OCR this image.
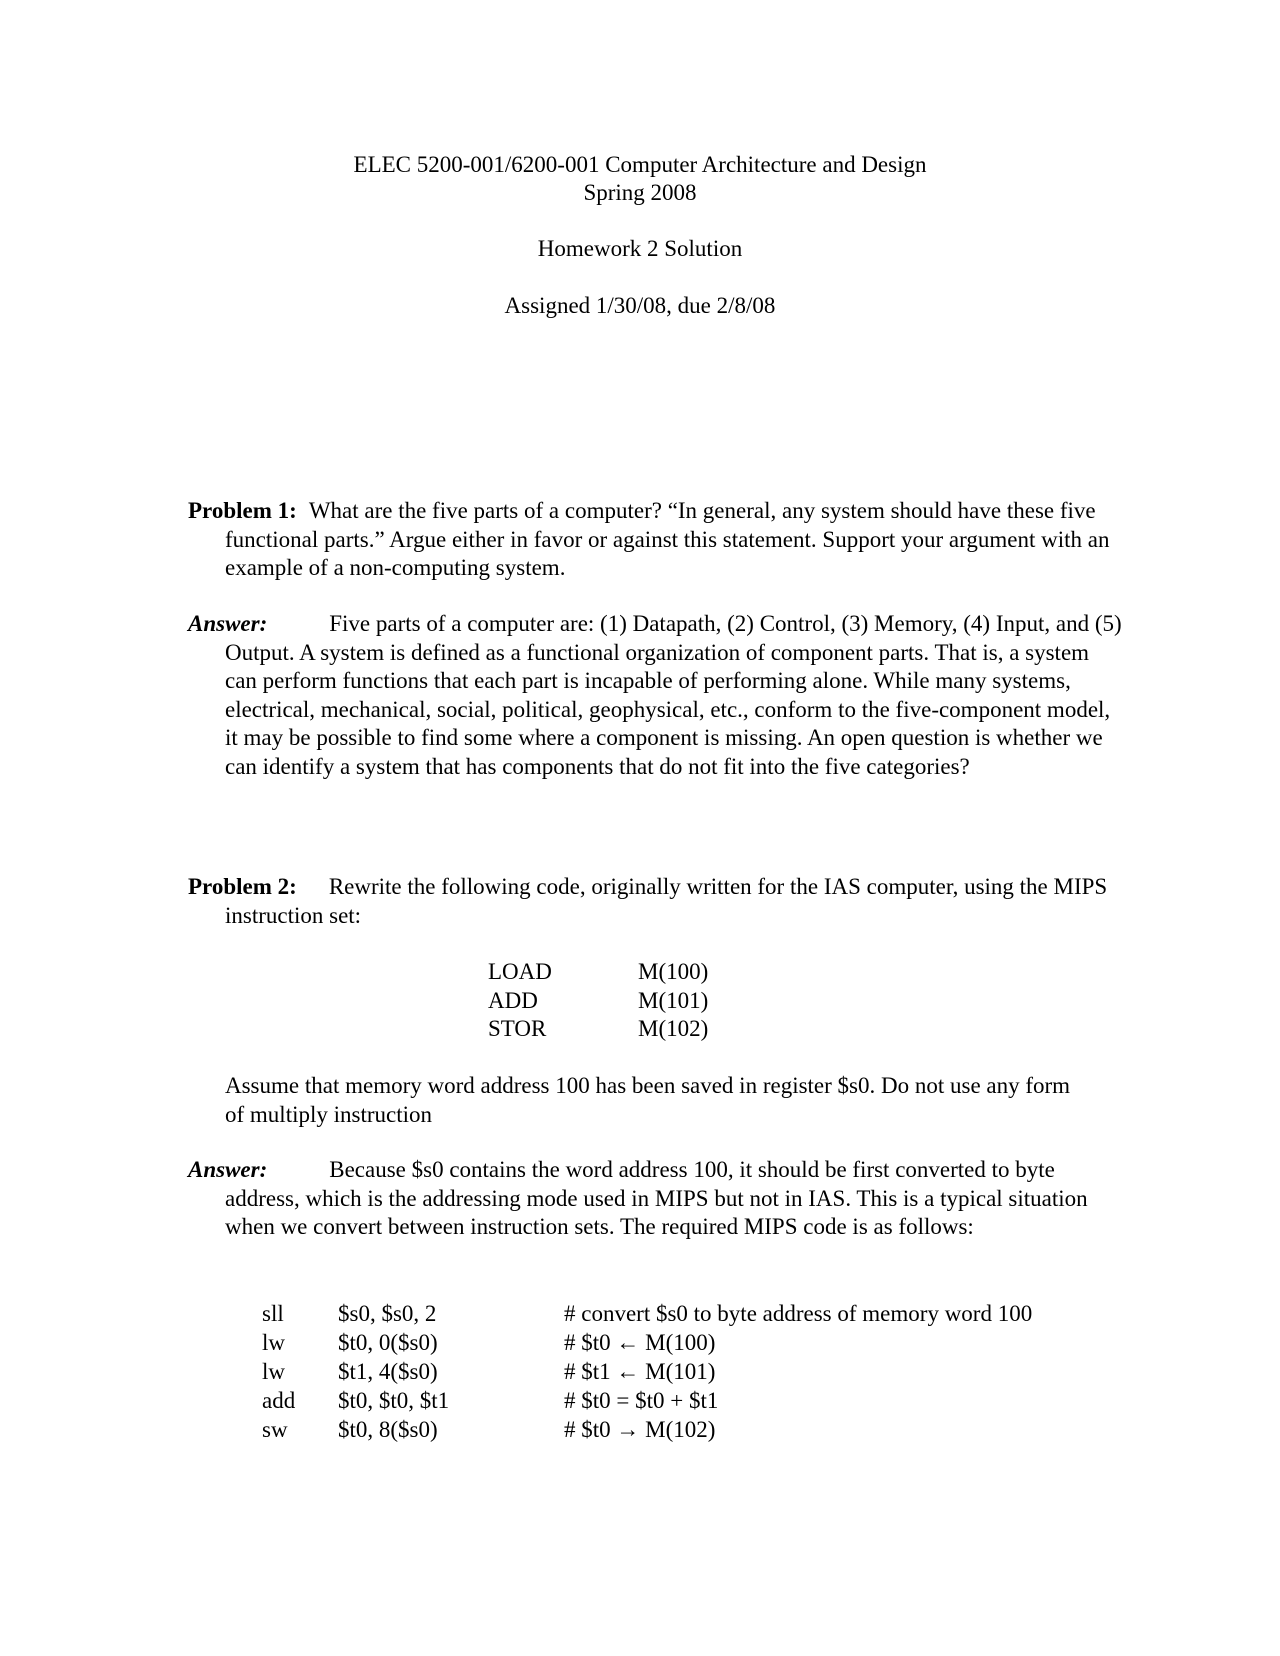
ELEC 5200-001/6200-001 Computer Architecture and Design
Spring 2008
Homework 2 Solution
Assigned 1/30/08, due 2/8/08
Problem 1: What are the five parts of a computer? “In general, any system should have these five functional parts.” Argue either in favor or against this statement. Support your argument with an example of a non-computing system.
Answer:	Five parts of a computer are: (1) Datapath, (2) Control, (3) Memory, (4) Input, and (5) Output. A system is defined as a functional organization of component parts. That is, a system can perform functions that each part is incapable of performing alone. While many systems, electrical, mechanical, social, political, geophysical, etc., conform to the five-component model, it may be possible to find some where a component is missing. An open question is whether we can identify a system that has components that do not fit into the five categories?
Problem 2: Rewrite the following code, originally written for the IAS computer, using the MIPS instruction set:
LOAD	M(100)
ADD	M(101)
STOR	M(102)
Assume that memory word address 100 has been saved in register $s0. Do not use any form of multiply instruction
Answer:	Because $s0 contains the word address 100, it should be first converted to byte address, which is the addressing mode used in MIPS but not in IAS. This is a typical situation when we convert between instruction sets. The required MIPS code is as follows:
sll	$s0, $s0, 2	# convert $s0 to byte address of memory word 100
lw	$t0, 0($s0)	# $t0 ← M(100)
lw	$t1, 4($s0)	# $t1 ← M(101)
add	$t0, $t0, $t1	# $t0 = $t0 + $t1
sw	$t0, 8($s0)	# $t0 → M(102)
